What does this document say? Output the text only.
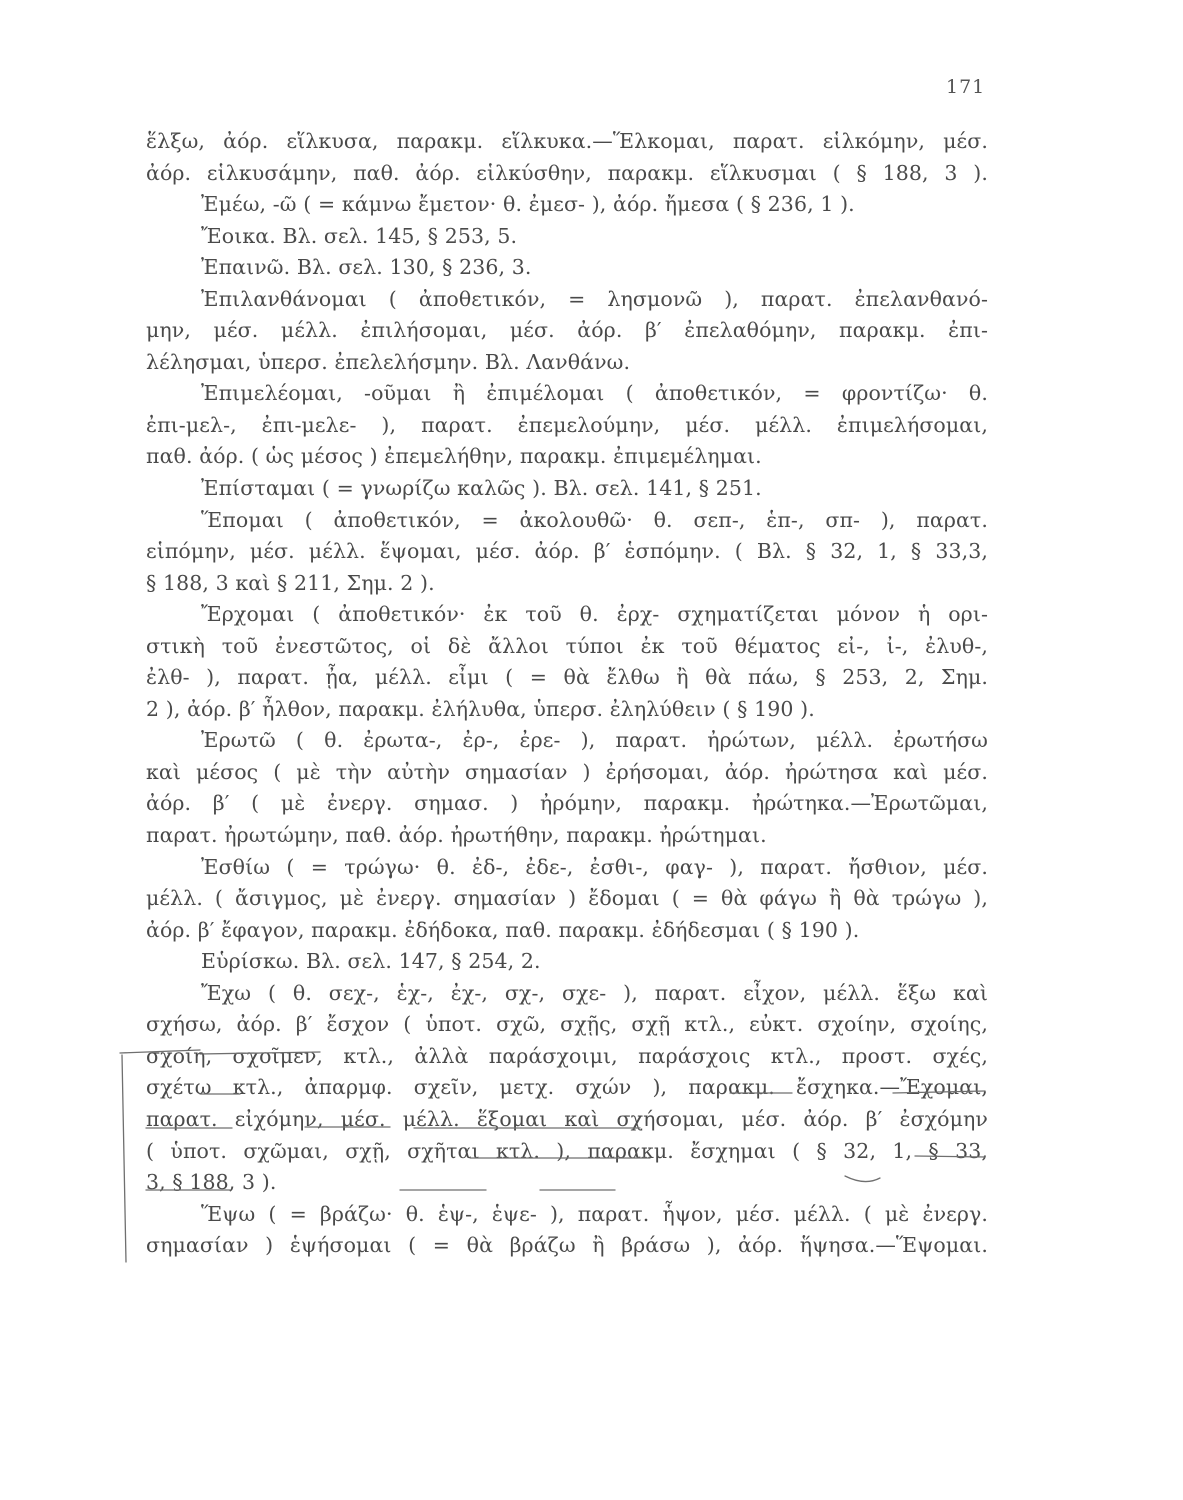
171
ἕλξω, ἀόρ. εἵλκυσα, παρακμ. εἵλκυκα.—Ἕλκομαι, παρατ. εἱλκόμην, μέσ.
ἀόρ. εἱλκυσάμην, παθ. ἀόρ. εἱλκύσθην, παρακμ. εἵλκυσμαι ( § 188, 3 ).
Ἐμέω, -ῶ ( = κάμνω ἔμετον· θ. ἐμεσ- ), ἀόρ. ἤμεσα ( § 236, 1 ).
Ἔοικα. Βλ. σελ. 145, § 253, 5.
Ἐπαινῶ. Βλ. σελ. 130, § 236, 3.
Ἐπιλανθάνομαι ( ἀποθετικόν, = λησμονῶ ), παρατ. ἐπελανθανό-
μην, μέσ. μέλλ. ἐπιλήσομαι, μέσ. ἀόρ. β′ ἐπελαθόμην, παρακμ. ἐπι-
λέλησμαι, ὑπερσ. ἐπελελήσμην. Βλ. Λανθάνω.
Ἐπιμελέομαι, -οῦμαι ἢ ἐπιμέλομαι ( ἀποθετικόν, = φροντίζω· θ.
ἐπι-μελ-, ἐπι-μελε- ), παρατ. ἐπεμελούμην, μέσ. μέλλ. ἐπιμελήσομαι,
παθ. ἀόρ. ( ὡς μέσος ) ἐπεμελήθην, παρακμ. ἐπιμεμέλημαι.
Ἐπίσταμαι ( = γνωρίζω καλῶς ). Βλ. σελ. 141, § 251.
Ἕπομαι ( ἀποθετικόν, = ἀκολουθῶ· θ. σεπ-, ἑπ-, σπ- ), παρατ.
εἱπόμην, μέσ. μέλλ. ἕψομαι, μέσ. ἀόρ. β′ ἑσπόμην. ( Βλ. § 32, 1, § 33,3,
§ 188, 3 καὶ § 211, Σημ. 2 ).
Ἔρχομαι ( ἀποθετικόν· ἐκ τοῦ θ. ἐρχ- σχηματίζεται μόνον ἡ ορι-
στικὴ τοῦ ἐνεστῶτος, οἱ δὲ ἄλλοι τύποι ἐκ τοῦ θέματος εἰ-, ἰ-, ἐλυθ-,
ἐλθ- ), παρατ. ᾖα, μέλλ. εἶμι ( = θὰ ἔλθω ἢ θὰ πάω, § 253, 2, Σημ.
2 ), ἀόρ. β′ ἦλθον, παρακμ. ἐλήλυθα, ὑπερσ. ἐληλύθειν ( § 190 ).
Ἐρωτῶ ( θ. ἐρωτα-, ἐρ-, ἐρε- ), παρατ. ἠρώτων, μέλλ. ἐρωτήσω
καὶ μέσος ( μὲ τὴν αὐτὴν σημασίαν ) ἐρήσομαι, ἀόρ. ἠρώτησα καὶ μέσ.
ἀόρ. β′ ( μὲ ἐνεργ. σημασ. ) ἠρόμην, παρακμ. ἠρώτηκα.—Ἐρωτῶμαι,
παρατ. ἠρωτώμην, παθ. ἀόρ. ἠρωτήθην, παρακμ. ἠρώτημαι.
Ἐσθίω ( = τρώγω· θ. ἐδ-, ἐδε-, ἐσθι-, φαγ- ), παρατ. ἤσθιον, μέσ.
μέλλ. ( ἄσιγμος, μὲ ἐνεργ. σημασίαν ) ἔδομαι ( = θὰ φάγω ἢ θὰ τρώγω ),
ἀόρ. β′ ἔφαγον, παρακμ. ἐδήδοκα, παθ. παρακμ. ἐδήδεσμαι ( § 190 ).
Εὑρίσκω. Βλ. σελ. 147, § 254, 2.
Ἔχω ( θ. σεχ-, ἑχ-, ἐχ-, σχ-, σχε- ), παρατ. εἶχον, μέλλ. ἕξω καὶ
σχήσω, ἀόρ. β′ ἔσχον ( ὑποτ. σχῶ, σχῇς, σχῇ κτλ., εὐκτ. σχοίην, σχοίης,
σχοίη, σχοῖμεν, κτλ., ἀλλὰ παράσχοιμι, παράσχοις κτλ., προστ. σχές,
σχέτω κτλ., ἀπαρμφ. σχεῖν, μετχ. σχών ), παρακμ. ἔσχηκα.—Ἔχομαι,
παρατ. εἰχόμην, μέσ. μέλλ. ἕξομαι καὶ σχήσομαι, μέσ. ἀόρ. β′ ἐσχόμην
( ὑποτ. σχῶμαι, σχῇ, σχῆται κτλ. ), παρακμ. ἔσχημαι ( § 32, 1, § 33,
3, § 188, 3 ).
Ἕψω ( = βράζω· θ. ἑψ-, ἑψε- ), παρατ. ἧψον, μέσ. μέλλ. ( μὲ ἐνεργ.
σημασίαν ) ἑψήσομαι ( = θὰ βράζω ἢ βράσω ), ἀόρ. ἥψησα.—Ἕψομαι.
